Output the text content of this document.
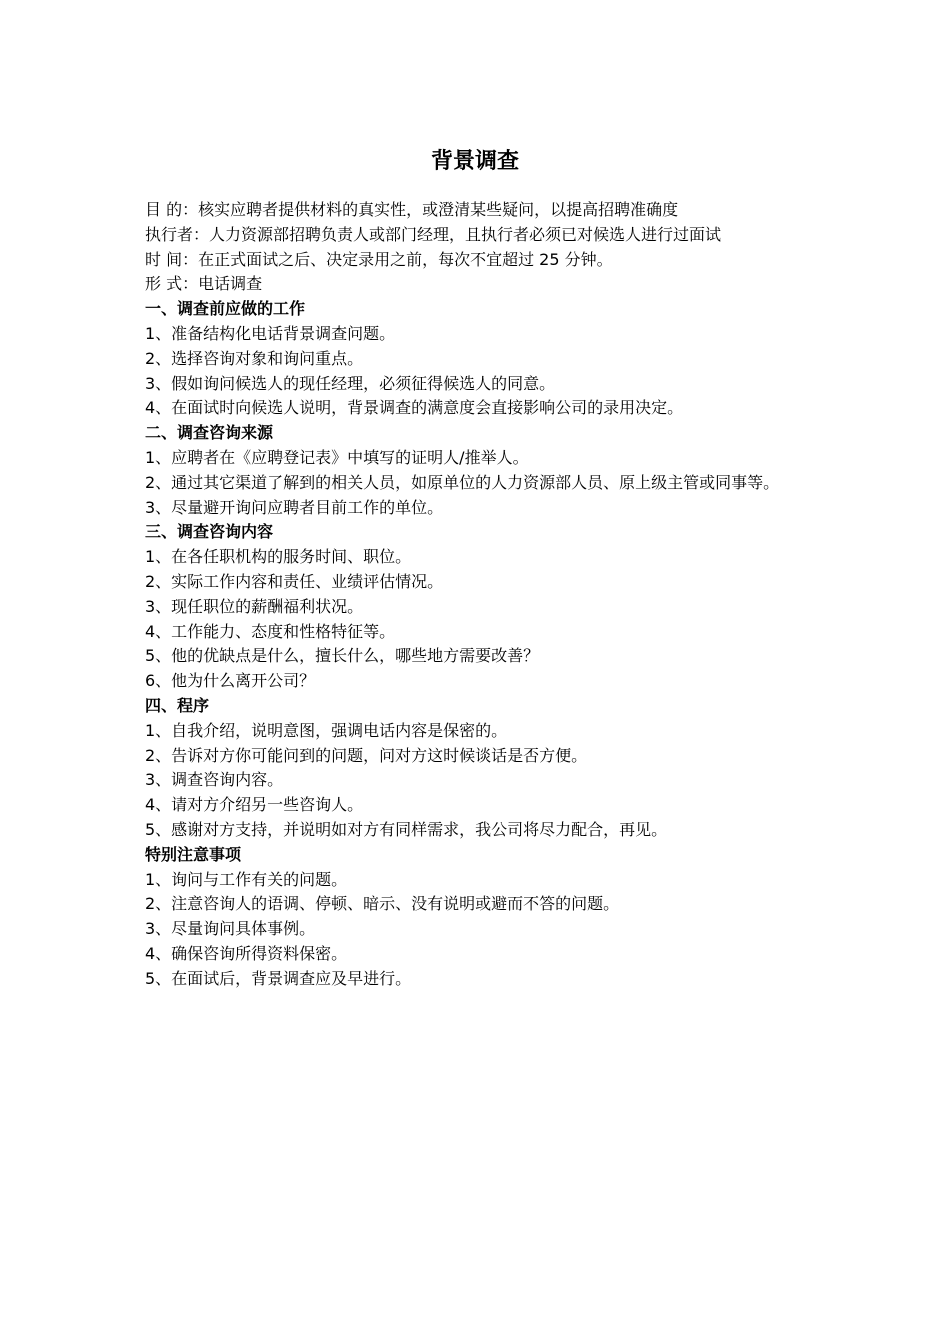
背景调查
目 的：核实应聘者提供材料的真实性，或澄清某些疑问，以提高招聘准确度
执行者：人力资源部招聘负责人或部门经理，且执行者必须已对候选人进行过面试
时 间：在正式面试之后、决定录用之前，每次不宜超过 25 分钟。
形 式：电话调查
一、调查前应做的工作
1、准备结构化电话背景调查问题。
2、选择咨询对象和询问重点。
3、假如询问候选人的现任经理，必须征得候选人的同意。
4、在面试时向候选人说明，背景调查的满意度会直接影响公司的录用决定。
二、调查咨询来源
1、应聘者在《应聘登记表》中填写的证明人/推举人。
2、通过其它渠道了解到的相关人员，如原单位的人力资源部人员、原上级主管或同事等。
3、尽量避开询问应聘者目前工作的单位。
三、调查咨询内容
1、在各任职机构的服务时间、职位。
2、实际工作内容和责任、业绩评估情况。
3、现任职位的薪酬福利状况。
4、工作能力、态度和性格特征等。
5、他的优缺点是什么，擅长什么，哪些地方需要改善？
6、他为什么离开公司？
四、程序
1、自我介绍，说明意图，强调电话内容是保密的。
2、告诉对方你可能问到的问题，问对方这时候谈话是否方便。
3、调查咨询内容。
4、请对方介绍另一些咨询人。
5、感谢对方支持，并说明如对方有同样需求，我公司将尽力配合，再见。
特别注意事项
1、询问与工作有关的问题。
2、注意咨询人的语调、停顿、暗示、没有说明或避而不答的问题。
3、尽量询问具体事例。
4、确保咨询所得资料保密。
5、在面试后，背景调查应及早进行。
